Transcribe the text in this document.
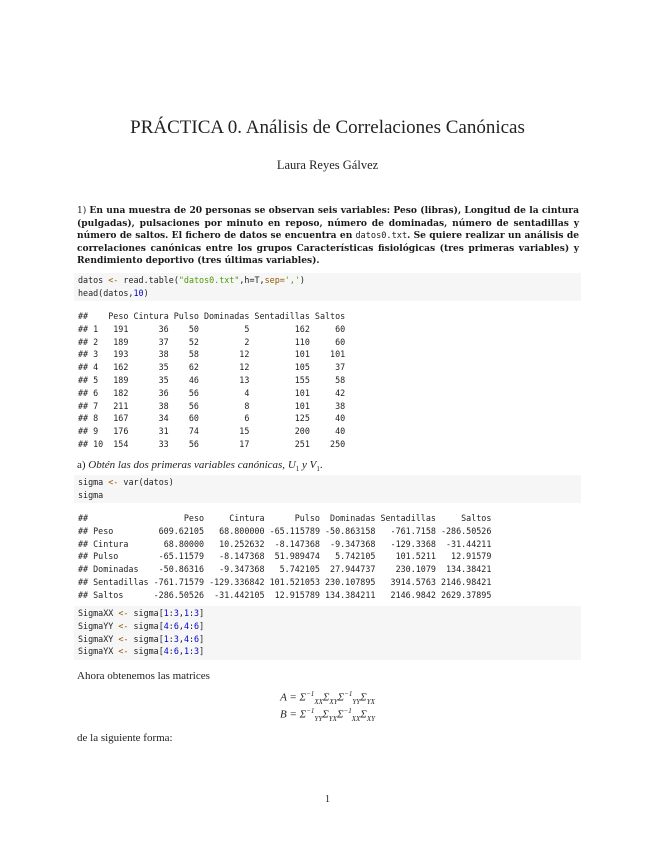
PRÁCTICA 0. Análisis de Correlaciones Canónicas
Laura Reyes Gálvez
1) En una muestra de 20 personas se observan seis variables: Peso (libras), Longitud de la cintura (pulgadas), pulsaciones por minuto en reposo, número de dominadas, número de sentadillas y número de saltos. El fichero de datos se encuentra en datos0.txt. Se quiere realizar un análisis de correlaciones canónicas entre los grupos Características fisiológicas (tres primeras variables) y Rendimiento deportivo (tres últimas variables).
datos <- read.table("datos0.txt",h=T,sep=',')
head(datos,10)
## Peso Cintura Pulso Dominadas Sentadillas Saltos
## 1 191	36 50	5	162	60
## 2 189	37 52	2	110	60
## 3 193	38 58	12	101 101
## 4 162	35 62	12	105	37
## 5 189	35 46	13	155	58
## 6 182	36 56	4	101	42
## 7 211	38 56	8	101	38
## 8 167	34 60	6	125	40
## 9 176	31 74	15	200	40
## 10 154	33 56	17	251 250
a) Obtén las dos primeras variables canónicas, $U_1$ y $V_1$.
sigma <- var(datos)
sigma
##	Peso	Cintura	Pulso Dominadas Sentadillas	Saltos
## Peso	609.62105 68.800000 -65.115789 -50.863158 -761.7158 -286.50526
## Cintura	68.80000 10.252632 -8.147368 -9.347368 -129.3368 -31.44211
## Pulso	-65.11579 -8.147368 51.989474 5.742105 101.5211 12.91579
## Dominadas -50.86316 -9.347368 5.742105 27.944737 230.1079 134.38421
## Sentadillas -761.71579 -129.336842 101.521053 230.107895 3914.5763 2146.98421
## Saltos	-286.50526 -31.442105 12.915789 134.384211 2146.9842 2629.37895
SigmaXX <- sigma[1:3,1:3]
SigmaYY <- sigma[4:6,4:6]
SigmaXY <- sigma[1:3,4:6]
SigmaYX <- sigma[4:6,1:3]
Ahora obtenemos las matrices
$A = \Sigma^{-1}_{XX}\Sigma_{XY}\Sigma^{-1}_{YY}\Sigma_{YX}$
$B = \Sigma^{-1}_{YY}\Sigma_{YX}\Sigma^{-1}_{XX}\Sigma_{XY}$
de la siguiente forma:
1
